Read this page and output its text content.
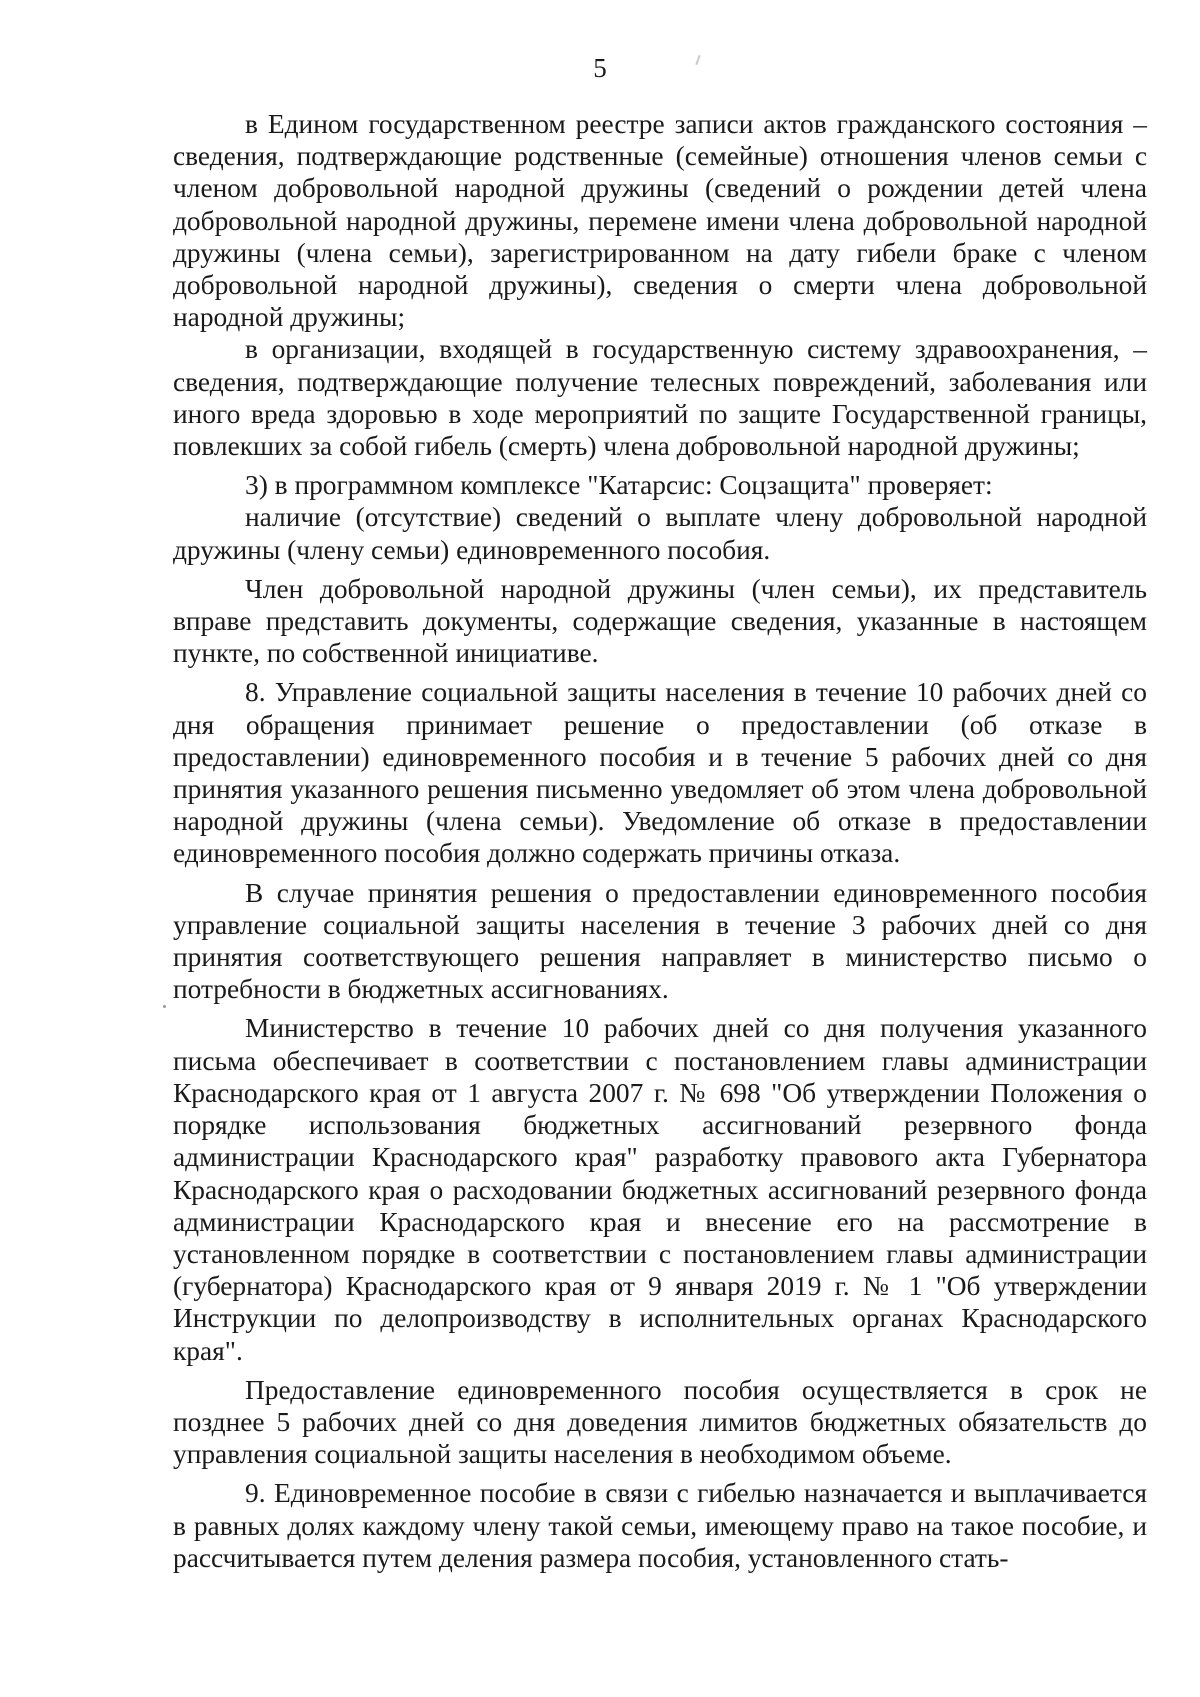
5

в Едином государственном реестре записи актов гражданского состояния – сведения, подтверждающие родственные (семейные) отношения членов семьи с членом добровольной народной дружины (сведений о рождении детей члена добровольной народной дружины, перемене имени члена добровольной народной дружины (члена семьи), зарегистрированном на дату гибели браке с членом добровольной народной дружины), сведения о смерти члена добровольной народной дружины;

в организации, входящей в государственную систему здравоохранения, – сведения, подтверждающие получение телесных повреждений, заболевания или иного вреда здоровью в ходе мероприятий по защите Государственной границы, повлекших за собой гибель (смерть) члена добровольной народной дружины;

3) в программном комплексе "Катарсис: Соцзащита" проверяет:

наличие (отсутствие) сведений о выплате члену добровольной народной дружины (члену семьи) единовременного пособия.

Член добровольной народной дружины (член семьи), их представитель вправе представить документы, содержащие сведения, указанные в настоящем пункте, по собственной инициативе.

8. Управление социальной защиты населения в течение 10 рабочих дней со дня обращения принимает решение о предоставлении (об отказе в предоставлении) единовременного пособия и в течение 5 рабочих дней со дня принятия указанного решения письменно уведомляет об этом члена добровольной народной дружины (члена семьи). Уведомление об отказе в предоставлении единовременного пособия должно содержать причины отказа.

В случае принятия решения о предоставлении единовременного пособия управление социальной защиты населения в течение 3 рабочих дней со дня принятия соответствующего решения направляет в министерство письмо о потребности в бюджетных ассигнованиях.

Министерство в течение 10 рабочих дней со дня получения указанного письма обеспечивает в соответствии с постановлением главы администрации Краснодарского края от 1 августа 2007 г. № 698 "Об утверждении Положения о порядке использования бюджетных ассигнований резервного фонда администрации Краснодарского края" разработку правового акта Губернатора Краснодарского края о расходовании бюджетных ассигнований резервного фонда администрации Краснодарского края и внесение его на рассмотрение в установленном порядке в соответствии с постановлением главы администрации (губернатора) Краснодарского края от 9 января 2019 г. № 1 "Об утверждении Инструкции по делопроизводству в исполнительных органах Краснодарского края".

Предоставление единовременного пособия осуществляется в срок не позднее 5 рабочих дней со дня доведения лимитов бюджетных обязательств до управления социальной защиты населения в необходимом объеме.

9. Единовременное пособие в связи с гибелью назначается и выплачивается в равных долях каждому члену такой семьи, имеющему право на такое пособие, и рассчитывается путем деления размера пособия, установленного стать-
